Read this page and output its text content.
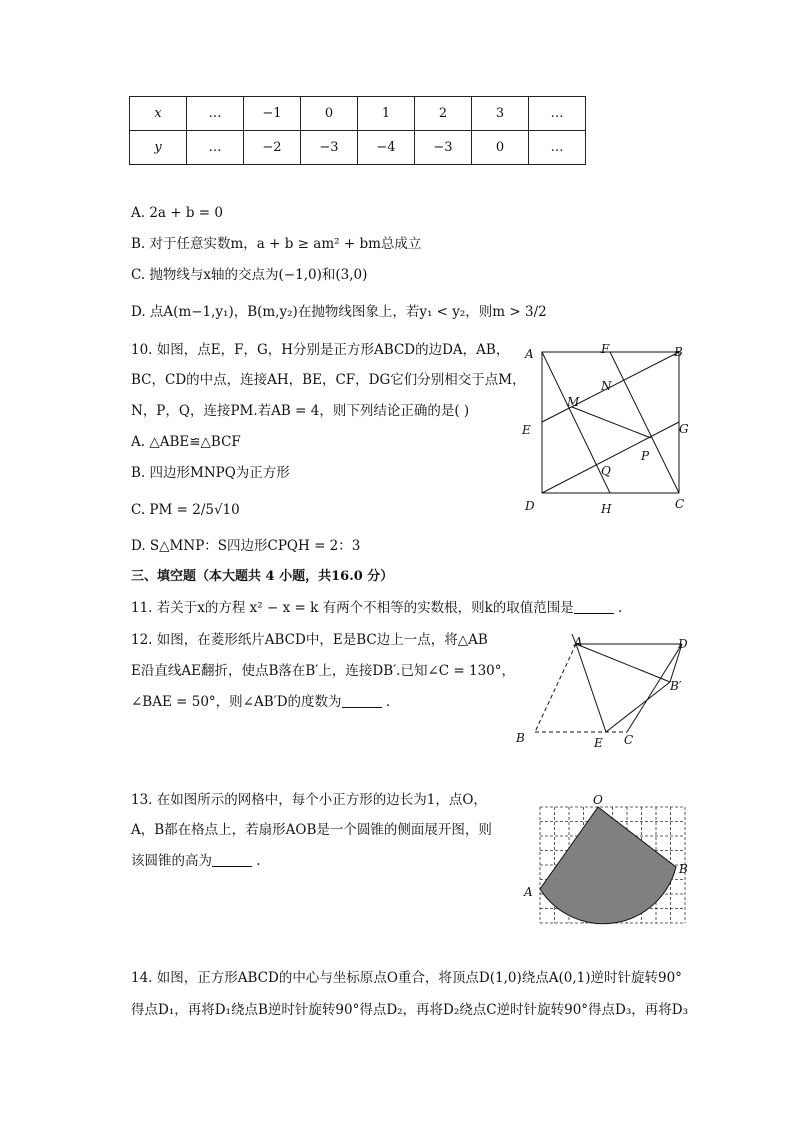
x	…	−1	0	1	2	3	…
y	…	−2	−3	−4	−3	0	…
A. 2a + b = 0
B. 对于任意实数m，a + b ≥ am² + bm总成立
C. 抛物线与x轴的交点为(−1,0)和(3,0)
D. 点A(m−1,y₁)，B(m,y₂)在抛物线图象上，若y₁ < y₂，则m > 3/2
10. 如图，点E，F，G，H分别是正方形ABCD的边DA，AB，
BC，CD的中点，连接AH，BE，CF，DG它们分别相交于点M，
N，P，Q，连接PM.若AB = 4，则下列结论正确的是( )
A. △ABE≌△BCF
B. 四边形MNPQ为正方形
C. PM = 2/5√10
D. S△MNP：S四边形CPQH = 2：3
A	F	B
N
M
E	G
P
Q
D	H	C
三、填空题（本大题共 4 小题，共16.0 分）
11. 若关于x的方程 x² − x = k 有两个不相等的实数根，则k的取值范围是	.
12. 如图，在菱形纸片ABCD中，E是BC边上一点，将△AB
E沿直线AE翻折，使点B落在B′上，连接DB′.已知∠C = 130°，
∠BAE = 50°，则∠AB′D的度数为	.
A	D
B′
B	E C
13. 在如图所示的网格中，每个小正方形的边长为1，点O，
A，B都在格点上，若扇形AOB是一个圆锥的侧面展开图，则
该圆锥的高为	.
O
A
B
14. 如图，正方形ABCD的中心与坐标原点O重合，将顶点D(1,0)绕点A(0,1)逆时针旋转90°
得点D₁，再将D₁绕点B逆时针旋转90°得点D₂，再将D₂绕点C逆时针旋转90°得点D₃，再将D₃
